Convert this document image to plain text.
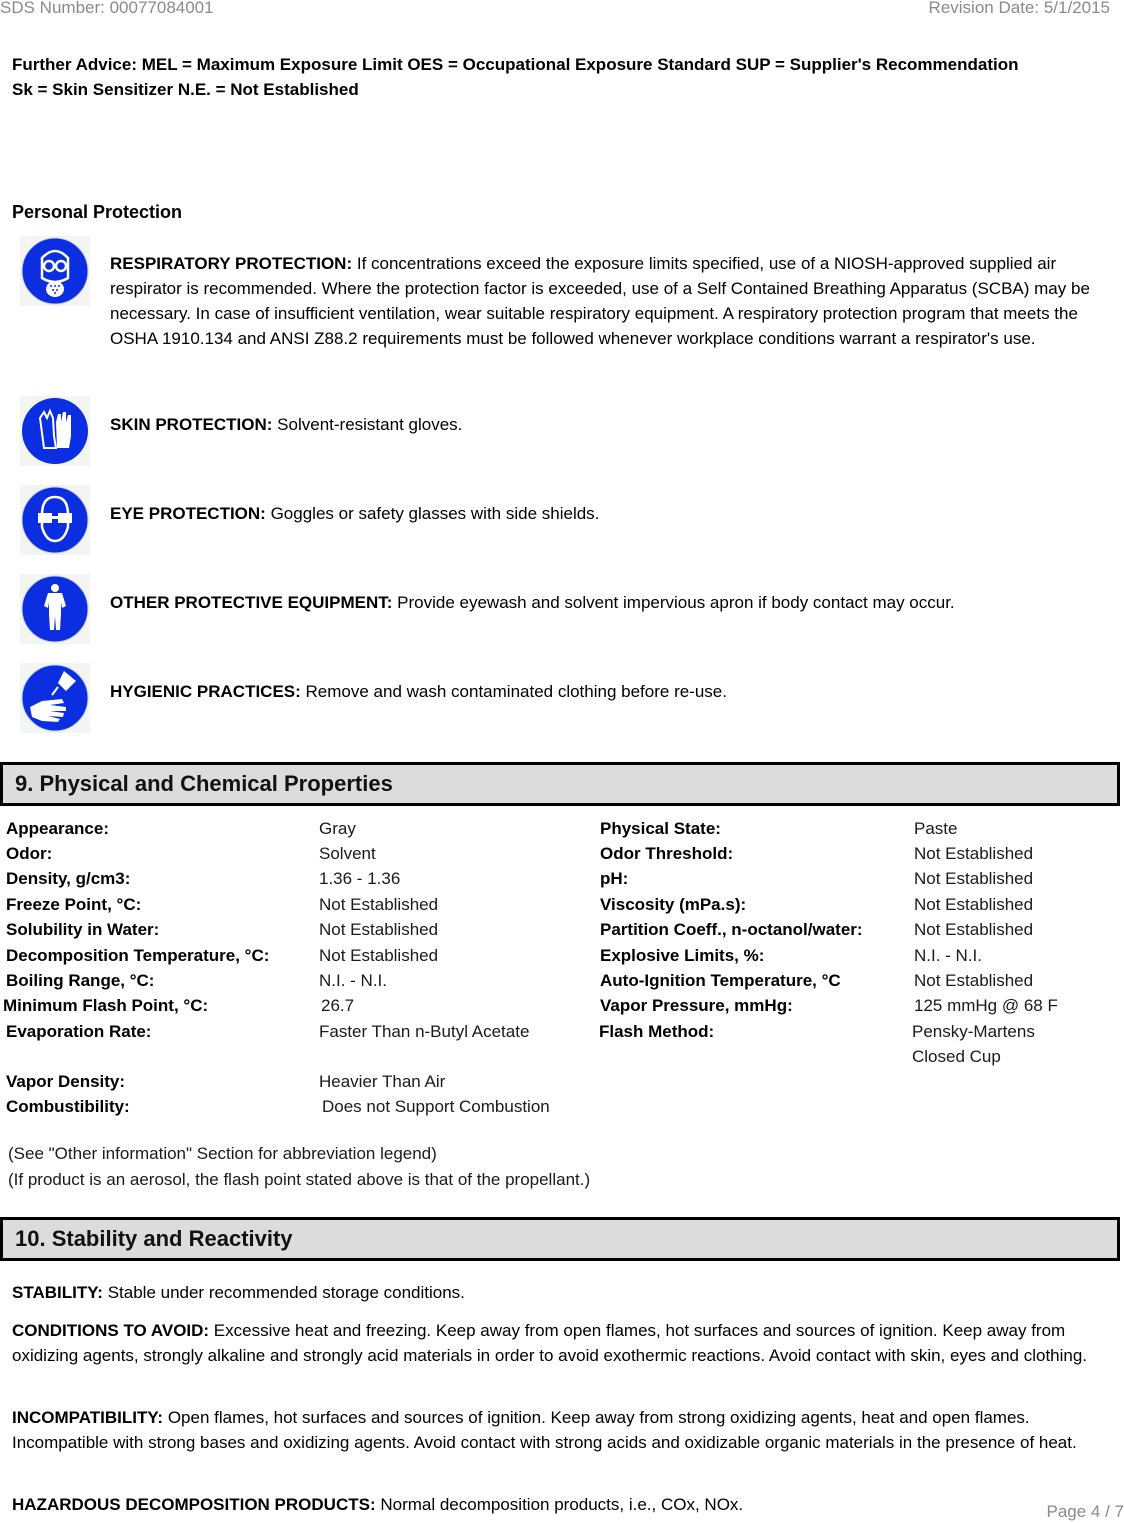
SDS Number: 00077084001	Revision Date: 5/1/2015
Further Advice: MEL = Maximum Exposure Limit OES = Occupational Exposure Standard SUP = Supplier's Recommendation
Sk = Skin Sensitizer N.E. = Not Established
Personal Protection
RESPIRATORY PROTECTION: If concentrations exceed the exposure limits specified, use of a NIOSH-approved supplied air respirator is recommended. Where the protection factor is exceeded, use of a Self Contained Breathing Apparatus (SCBA) may be necessary. In case of insufficient ventilation, wear suitable respiratory equipment. A respiratory protection program that meets the OSHA 1910.134 and ANSI Z88.2 requirements must be followed whenever workplace conditions warrant a respirator's use.
SKIN PROTECTION: Solvent-resistant gloves.
EYE PROTECTION: Goggles or safety glasses with side shields.
OTHER PROTECTIVE EQUIPMENT: Provide eyewash and solvent impervious apron if body contact may occur.
HYGIENIC PRACTICES: Remove and wash contaminated clothing before re-use.
9. Physical and Chemical Properties
Appearance:	Gray
Odor:	Solvent
Density, g/cm3:	1.36 - 1.36
Freeze Point, °C:	Not Established
Solubility in Water:	Not Established
Decomposition Temperature, °C:	Not Established
Boiling Range, °C:	N.I. - N.I.
Minimum Flash Point, °C:	26.7
Evaporation Rate:	Faster Than n-Butyl Acetate
Vapor Density:	Heavier Than Air
Combustibility:	Does not Support Combustion
Physical State:	Paste
Odor Threshold:	Not Established
pH:	Not Established
Viscosity (mPa.s):	Not Established
Partition Coeff., n-octanol/water:	Not Established
Explosive Limits, %:	N.I. - N.I.
Auto-Ignition Temperature, °C	Not Established
Vapor Pressure, mmHg:	125 mmHg @ 68 F
Flash Method:	Pensky-Martens
Closed Cup
(See "Other information" Section for abbreviation legend)
(If product is an aerosol, the flash point stated above is that of the propellant.)
10. Stability and Reactivity
STABILITY: Stable under recommended storage conditions.
CONDITIONS TO AVOID: Excessive heat and freezing. Keep away from open flames, hot surfaces and sources of ignition. Keep away from oxidizing agents, strongly alkaline and strongly acid materials in order to avoid exothermic reactions. Avoid contact with skin, eyes and clothing.
INCOMPATIBILITY: Open flames, hot surfaces and sources of ignition. Keep away from strong oxidizing agents, heat and open flames. Incompatible with strong bases and oxidizing agents. Avoid contact with strong acids and oxidizable organic materials in the presence of heat.
HAZARDOUS DECOMPOSITION PRODUCTS: Normal decomposition products, i.e., COx, NOx.	Page 4 / 7
